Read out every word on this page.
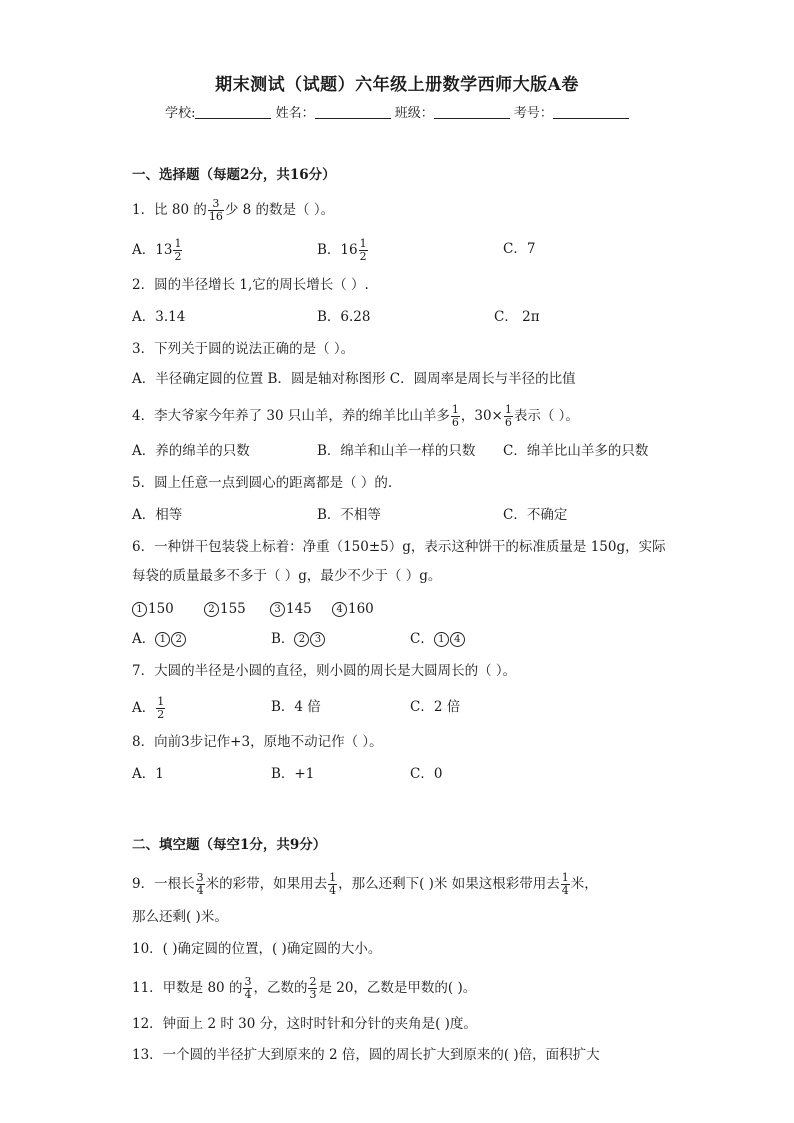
期末测试（试题）六年级上册数学西师大版A卷
学校:	姓名：	班级：	考号：
一、选择题（每题2分，共16分）
1．比 80 的 $\frac{3}{16}$ 少 8 的数是（ ）。
A．$13 \frac{1}{2}$	B．$16 \frac{1}{2}$	C．7
2．圆的半径增长 1,它的周长增长（ ）.
A．3.14	B．6.28	C． 2π
3．下列关于圆的说法正确的是（ ）。
A．半径确定圆的位置 B．圆是轴对称图形 C．圆周率是周长与半径的比值
4．李大爷家今年养了 30 只山羊，养的绵羊比山羊多 $\frac{1}{6}$ ，$30\times \frac{1}{6}$ 表示（ ）。
A．养的绵羊的只数	B．绵羊和山羊一样的只数 C．绵羊比山羊多的只数
5．圆上任意一点到圆心的距离都是（ ）的.
A．相等	B．不相等	C．不确定
6．一种饼干包装袋上标着：净重（150±5）g，表示这种饼干的标准质量是 150g，实际
每袋的质量最多不多于（ ）g，最少不少于（ ）g。
1 150	2 155	3 145	4 160
A． 1 2	B． 2 3	C． 1 4
7．大圆的半径是小圆的直径，则小圆的周长是大圆周长的（ ）。
A． $\frac{1}{2}$	B．4 倍	C．2 倍
8．向前3步记作+3，原地不动记作（ ）。
A．1	B．+1	C．0
二、填空题（每空1分，共9分）
9．一根长 $\frac{3}{4}$ 米的彩带，如果用去 $\frac{1}{4}$ ，那么还剩下( )米 如果这根彩带用去 $\frac{1}{4}$ 米，
那么还剩( )米。
10．( )确定圆的位置，( )确定圆的大小。
11．甲数是 80 的 $\frac{3}{4}$ ，乙数的 $\frac{2}{3}$ 是 20，乙数是甲数的( )。
12．钟面上 2 时 30 分，这时时针和分针的夹角是( )度。
13．一个圆的半径扩大到原来的 2 倍，圆的周长扩大到原来的( )倍，面积扩大
